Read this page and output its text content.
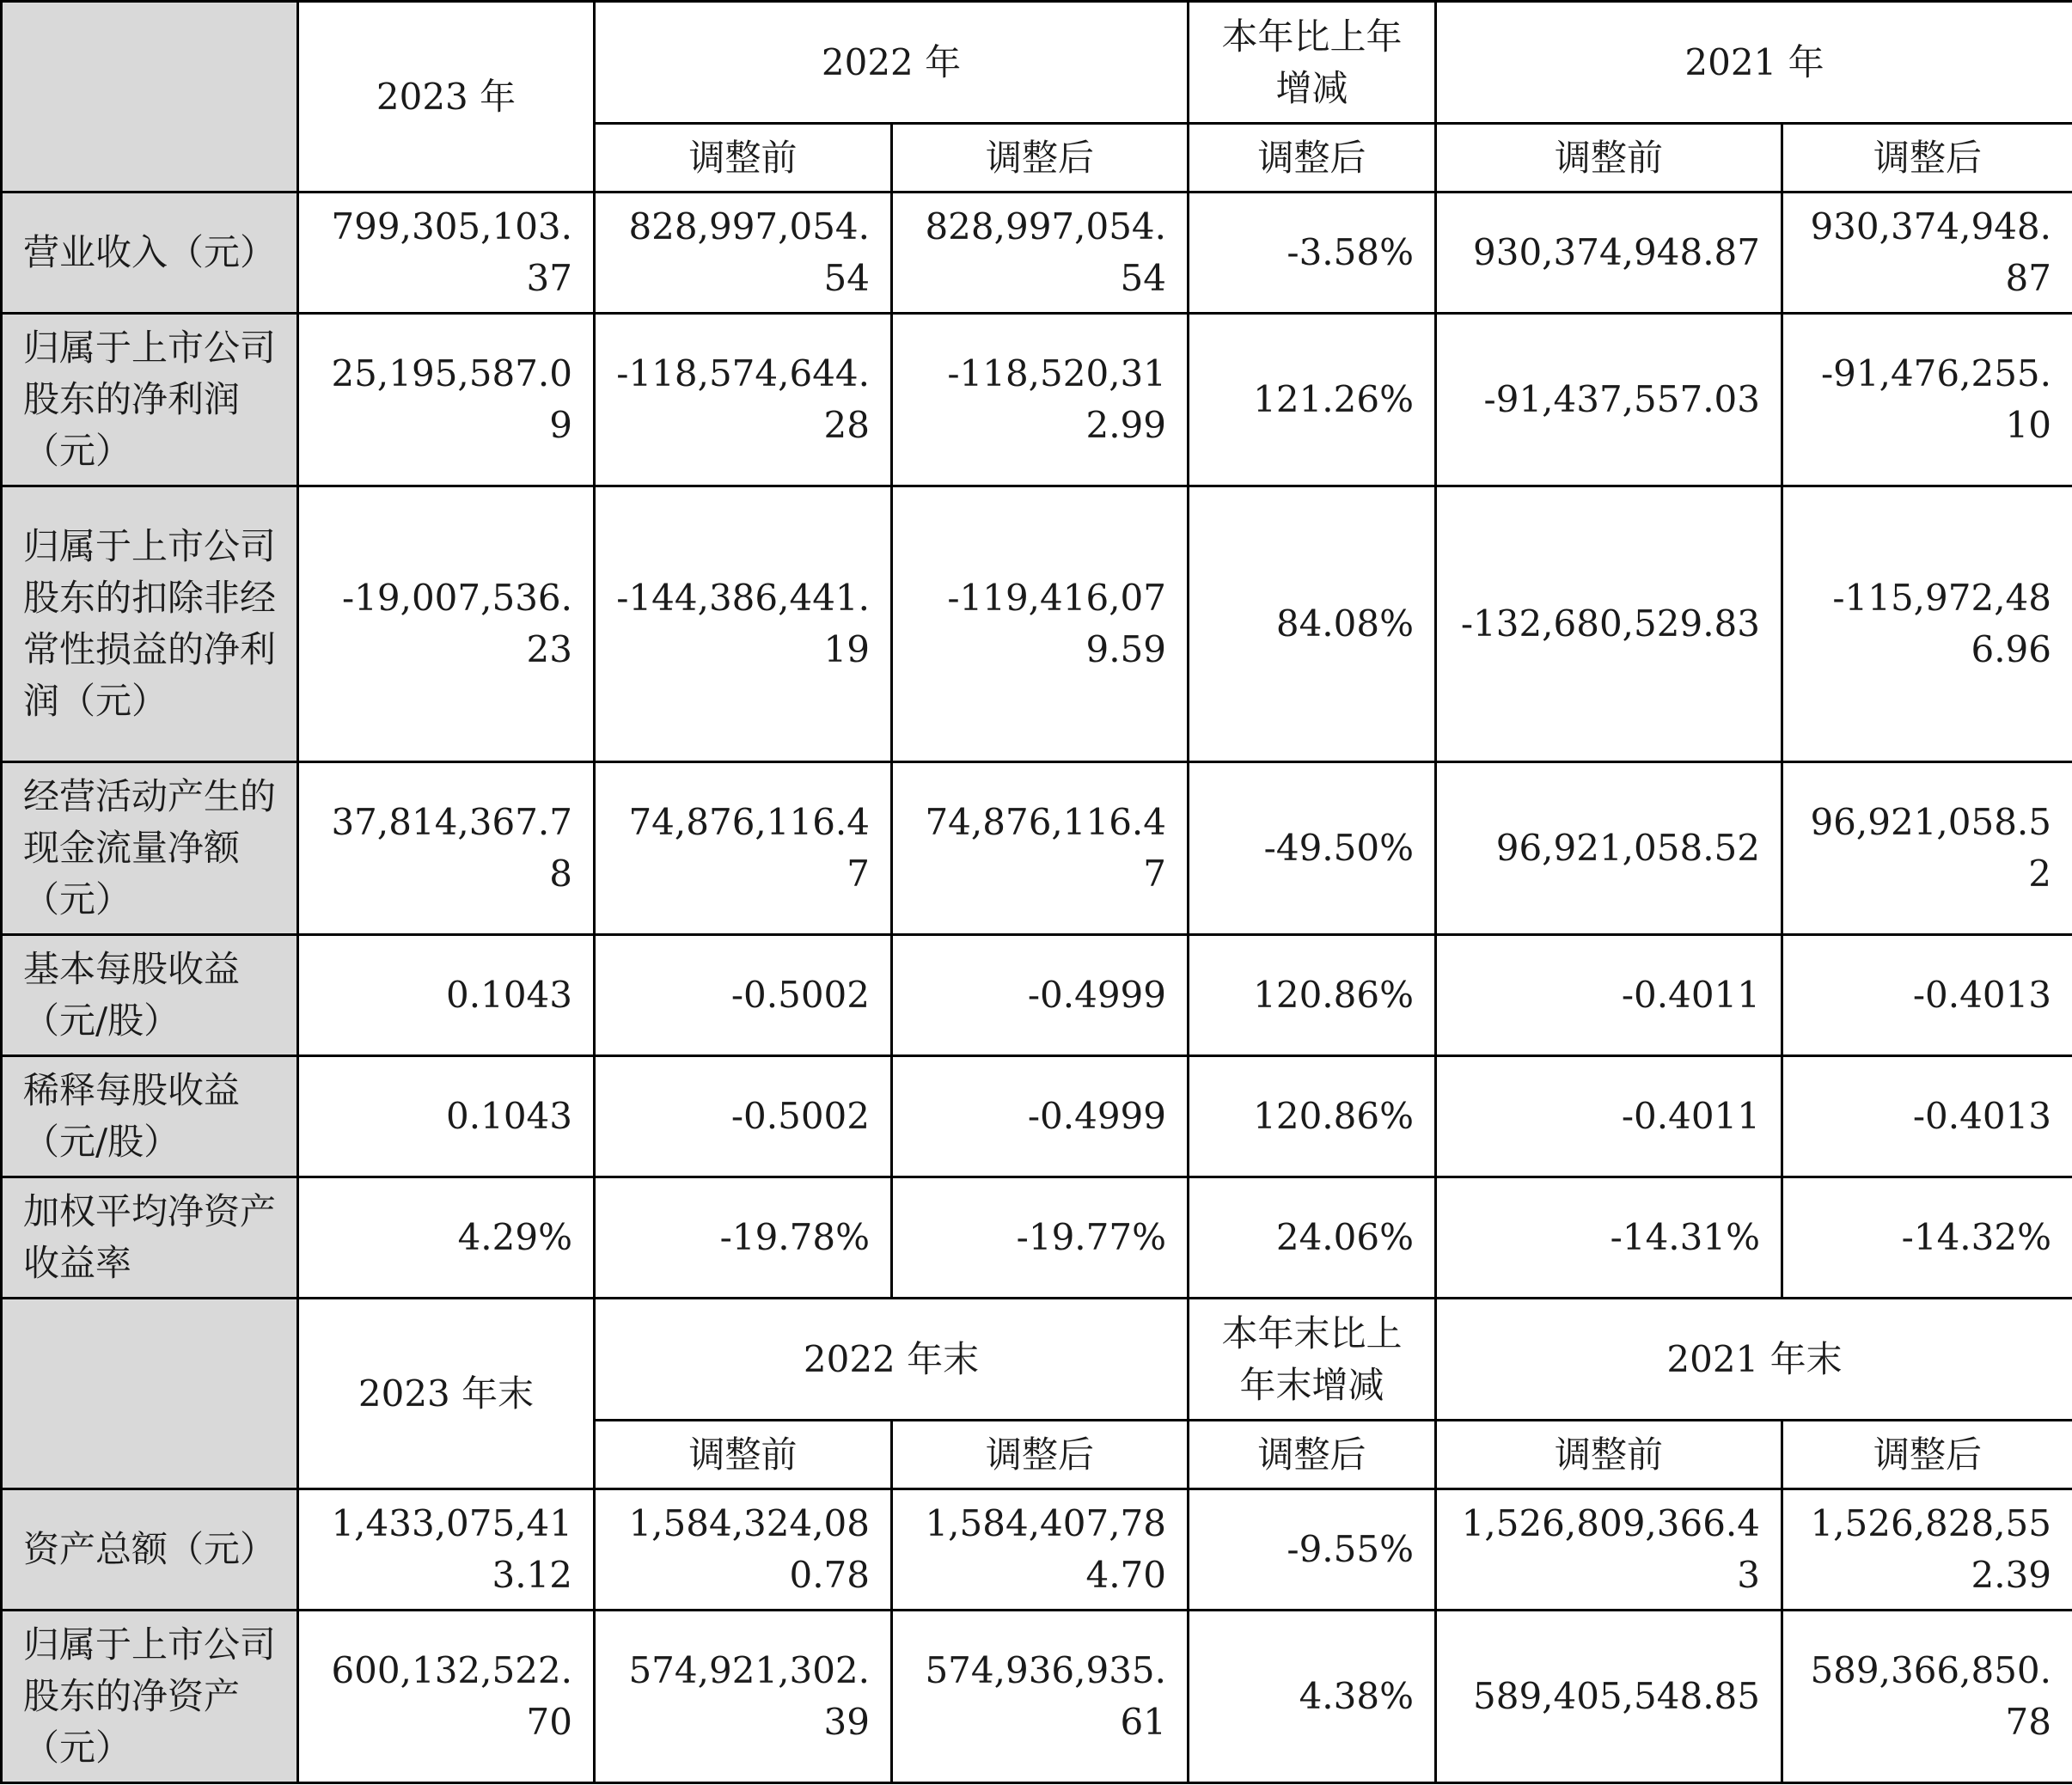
	2023 年	2022 年		本年比上年增减	2021 年	
		调整前	调整后	调整后	调整前	调整后
营业收入（元）	799,305,103.37	828,997,054.54	828,997,054.54	-3.58%	930,374,948.87	930,374,948.87
归属于上市公司股东的净利润（元）	25,195,587.09	-118,574,644.28	-118,520,312.99	121.26%	-91,437,557.03	-91,476,255.10
归属于上市公司股东的扣除非经常性损益的净利润（元）	-19,007,536.23	-144,386,441.19	-119,416,079.59	84.08%	-132,680,529.83	-115,972,486.96
经营活动产生的现金流量净额（元）	37,814,367.78	74,876,116.47	74,876,116.47	-49.50%	96,921,058.52	96,921,058.52
基本每股收益（元/股）	0.1043	-0.5002	-0.4999	120.86%	-0.4011	-0.4013
稀释每股收益（元/股）	0.1043	-0.5002	-0.4999	120.86%	-0.4011	-0.4013
加权平均净资产收益率	4.29%	-19.78%	-19.77%	24.06%	-14.31%	-14.32%
	2023 年末	2022 年末		本年末比上年末增减	2021 年末	
		调整前	调整后	调整后	调整前	调整后
资产总额（元）	1,433,075,413.12	1,584,324,080.78	1,584,407,784.70	-9.55%	1,526,809,366.43	1,526,828,552.39
归属于上市公司股东的净资产（元）	600,132,522.70	574,921,302.39	574,936,935.61	4.38%	589,405,548.85	589,366,850.78
